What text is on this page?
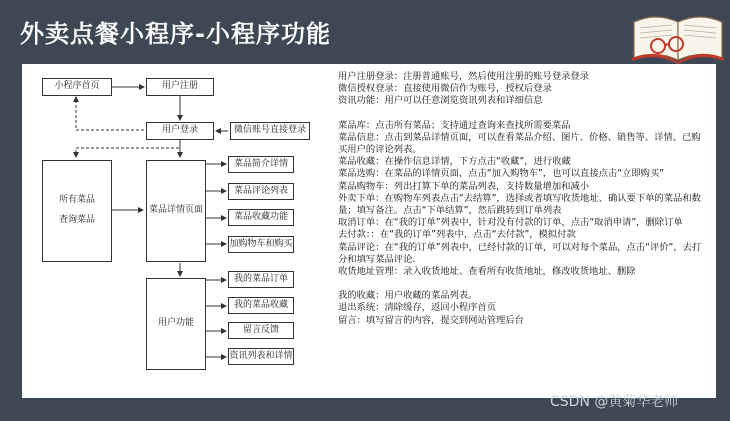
外卖点餐小程序-小程序功能
小程序首页	用户注册
用户登录	微信账号直接登录
所有菜品
查询菜品
菜品详情页面
菜品简介详情
菜品评论列表
菜品收藏功能
加购物车和购买
用户功能
我的菜品订单
我的菜品收藏
留言反馈
资讯列表和详情

用户注册登录：注册普通账号，然后使用注册的账号登录登录

微信授权登录：直接使用微信作为账号，授权后登录

资讯功能：用户可以任意浏览资讯列表和详细信息

菜品库：点击所有菜品；支持通过查询来查找所需要菜品

菜品信息：点击到菜品详情页面，可以查看菜品介绍、图片、价格、销售等、详情、已购买用户的评论列表。

菜品收藏：在操作信息详情，下方点击“收藏”，进行收藏

菜品选购：在菜品的详情页面，点击“加入购物车”，也可以直接点击“立即购买”

菜品购物车：列出打算下单的菜品列表，支持数量增加和减小

外卖下单：在购物车列表点击“去结算”，选择或者填写收货地址、确认要下单的菜品和数量；填写备注。点击“下单结算”，然后跳转到订单列表

取消订单：在“我的订单”列表中，针对没有付款的订单，点击“取消申请”，删除订单

去付款：：在“我的订单”列表中，点击“去付款”，模拟付款

菜品评论：在“我的订单”列表中，已经付款的订单，可以对每个菜品，点击“评价”，去打分和填写菜品评论.

收货地址管理：录入收货地址、查看所有收货地址，修改收货地址、删除

我的收藏：用户收藏的菜品列表。

退出系统：清除缓存，返回小程序首页

留言：填写留言的内容，提交到网站管理后台

CSDN @黄菊华老师
